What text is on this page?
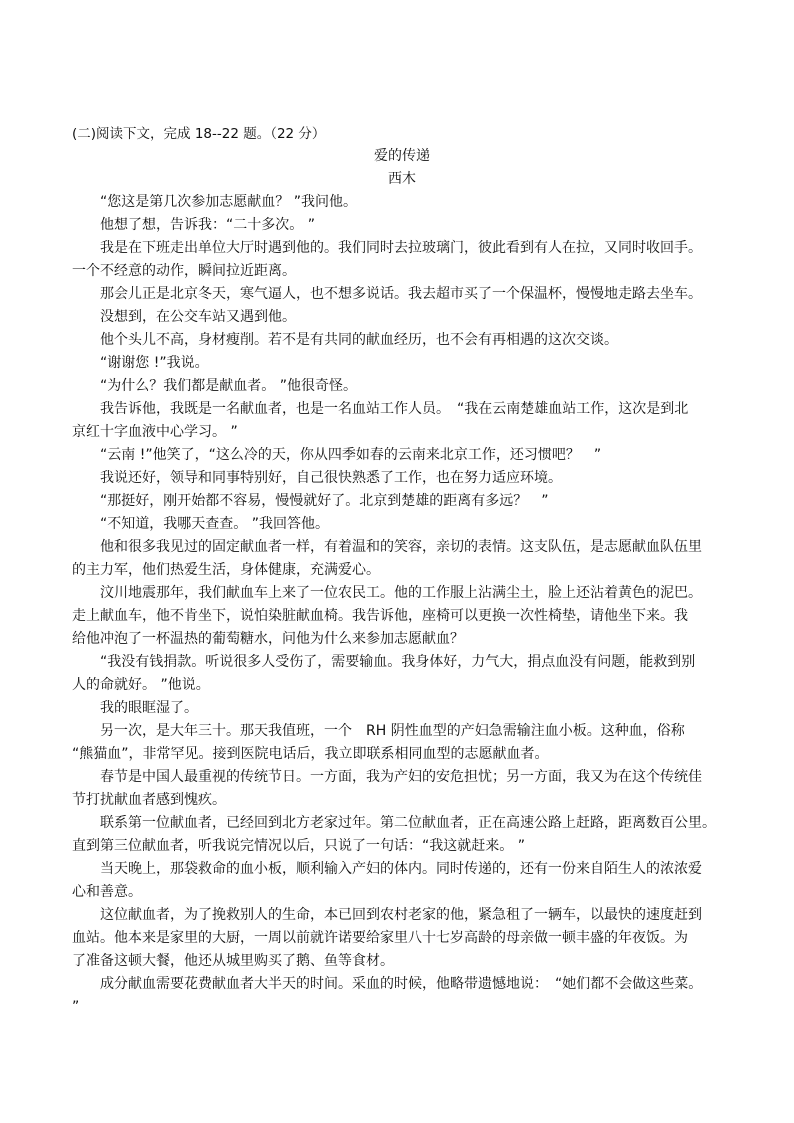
(二)阅读下文，完成 18--22 题。（22 分）
爱的传递
西木
“您这是第几次参加志愿献血？ ”我问他。
他想了想，告诉我：“二十多次。 ”
我是在下班走出单位大厅时遇到他的。我们同时去拉玻璃门，彼此看到有人在拉，又同时收回手。
一个不经意的动作，瞬间拉近距离。
那会儿正是北京冬天，寒气逼人，也不想多说话。我去超市买了一个保温杯，慢慢地走路去坐车。
没想到，在公交车站又遇到他。
他个头儿不高，身材瘦削。若不是有共同的献血经历，也不会有再相遇的这次交谈。
“谢谢您 !”我说。
“为什么？我们都是献血者。 ”他很奇怪。
我告诉他，我既是一名献血者，也是一名血站工作人员。　“我在云南楚雄血站工作，这次是到北
京红十字血液中心学习。 ”
“云南 !”他笑了，“这么冷的天，你从四季如春的云南来北京工作，还习惯吧？　”
我说还好，领导和同事特别好，自己很快熟悉了工作，也在努力适应环境。
“那挺好，刚开始都不容易，慢慢就好了。北京到楚雄的距离有多远？　”
“不知道，我哪天查查。 ”我回答他。
他和很多我见过的固定献血者一样，有着温和的笑容，亲切的表情。这支队伍，是志愿献血队伍里
的主力军，他们热爱生活，身体健康，充满爱心。
汶川地震那年，我们献血车上来了一位农民工。他的工作服上沾满尘土，脸上还沾着黄色的泥巴。
走上献血车，他不肯坐下，说怕染脏献血椅。我告诉他，座椅可以更换一次性椅垫，请他坐下来。我
给他冲泡了一杯温热的葡萄糖水，问他为什么来参加志愿献血？
“我没有钱捐款。听说很多人受伤了，需要输血。我身体好，力气大，捐点血没有问题，能救到别
人的命就好。 ”他说。
我的眼眶湿了。
另一次，是大年三十。那天我值班，一个　RH 阴性血型的产妇急需输注血小板。这种血，俗称
“熊猫血”，非常罕见。接到医院电话后，我立即联系相同血型的志愿献血者。
春节是中国人最重视的传统节日。一方面，我为产妇的安危担忧；另一方面，我又为在这个传统佳
节打扰献血者感到愧疚。
联系第一位献血者，已经回到北方老家过年。第二位献血者，正在高速公路上赶路，距离数百公里。
直到第三位献血者，听我说完情况以后，只说了一句话：“我这就赶来。 ”
当天晚上，那袋救命的血小板，顺利输入产妇的体内。同时传递的，还有一份来自陌生人的浓浓爱
心和善意。
这位献血者，为了挽救别人的生命，本已回到农村老家的他，紧急租了一辆车，以最快的速度赶到
血站。他本来是家里的大厨，一周以前就许诺要给家里八十七岁高龄的母亲做一顿丰盛的年夜饭。为
了准备这顿大餐，他还从城里购买了鹅、鱼等食材。
成分献血需要花费献血者大半天的时间。采血的时候，他略带遗憾地说：　“她们都不会做这些菜。
”
